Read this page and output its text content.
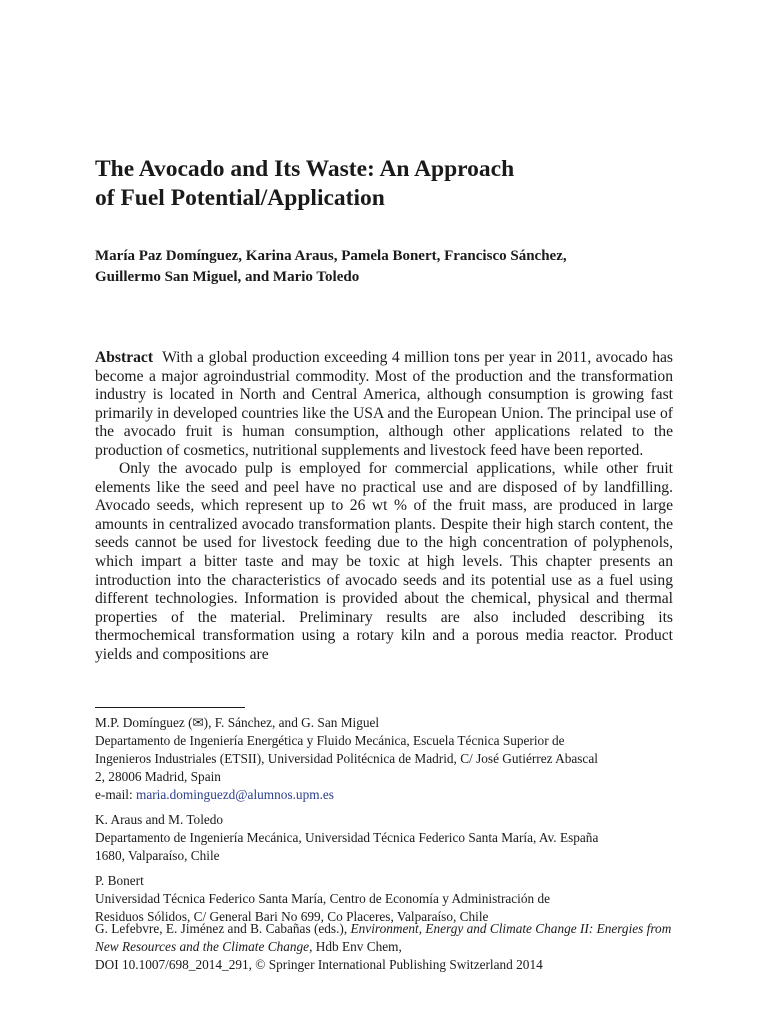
The Avocado and Its Waste: An Approach
of Fuel Potential/Application
María Paz Domínguez, Karina Araus, Pamela Bonert, Francisco Sánchez,
Guillermo San Miguel, and Mario Toledo

Abstract With a global production exceeding 4 million tons per year in 2011, avocado has become a major agroindustrial commodity. Most of the production and the transformation industry is located in North and Central America, although consumption is growing fast primarily in developed countries like the USA and the European Union. The principal use of the avocado fruit is human consumption, although other applications related to the production of cosmetics, nutritional supplements and livestock feed have been reported.

Only the avocado pulp is employed for commercial applications, while other fruit elements like the seed and peel have no practical use and are disposed of by landfilling. Avocado seeds, which represent up to 26 wt % of the fruit mass, are produced in large amounts in centralized avocado transformation plants. Despite their high starch content, the seeds cannot be used for livestock feeding due to the high concentration of polyphenols, which impart a bitter taste and may be toxic at high levels. This chapter presents an introduction into the characteristics of avocado seeds and its potential use as a fuel using different technologies. Information is provided about the chemical, physical and thermal properties of the material. Preliminary results are also included describing its thermochemical transformation using a rotary kiln and a porous media reactor. Product yields and compositions are

M.P. Domínguez (✉), F. Sánchez, and G. San Miguel
Departamento de Ingeniería Energética y Fluido Mecánica, Escuela Técnica Superior de
Ingenieros Industriales (ETSII), Universidad Politécnica de Madrid, C/ José Gutiérrez Abascal
2, 28006 Madrid, Spain
e-mail: maria.dominguezd@alumnos.upm.es
K. Araus and M. Toledo
Departamento de Ingeniería Mecánica, Universidad Técnica Federico Santa María, Av. España
1680, Valparaíso, Chile
P. Bonert
Universidad Técnica Federico Santa María, Centro de Economía y Administración de
Residuos Sólidos, C/ General Bari No 699, Co Placeres, Valparaíso, Chile
G. Lefebvre, E. Jiménez and B. Cabañas (eds.), Environment, Energy and Climate Change II: Energies from New Resources and the Climate Change, Hdb Env Chem,
DOI 10.1007/698_2014_291, © Springer International Publishing Switzerland 2014
